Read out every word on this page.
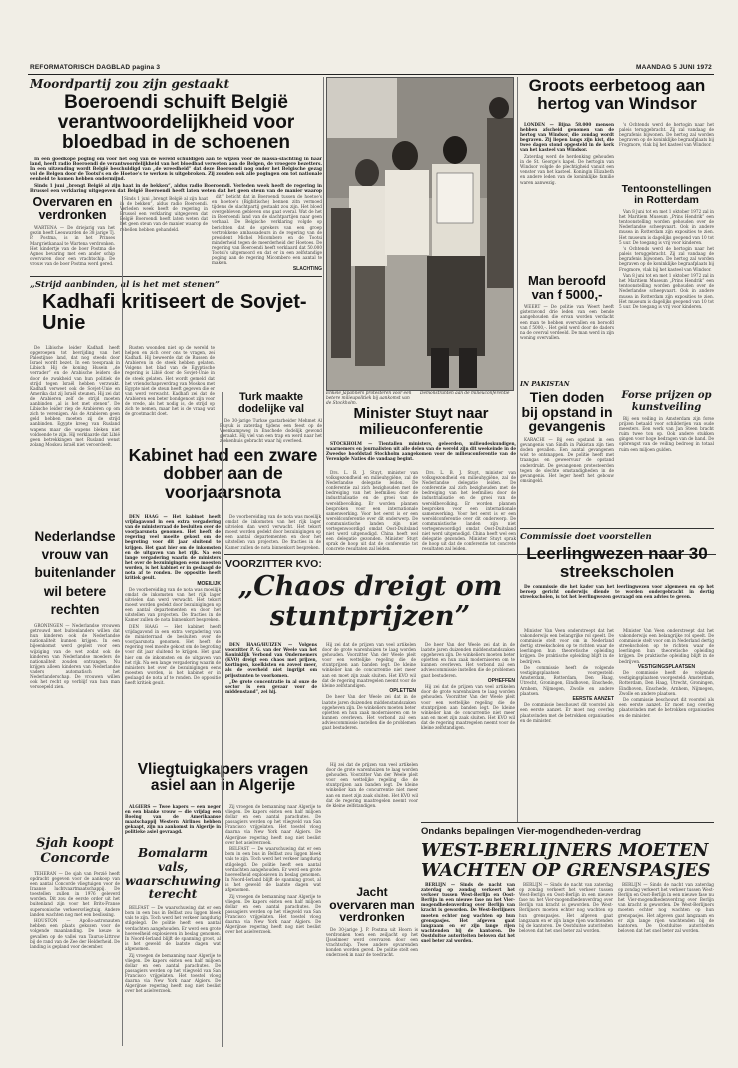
REFORMATORISCH DAGBLAD pagina 3	MAANDAG 5 JUNI 1972
Moordpartij zou zijn gestaakt
Boeroendi schuift België verantwoordelijkheid voor bloedbad in de schoenen

In een goedkope poging om voor het oog van de wereld schuldigen aan te wijzen voor de massa-slachting in haar land, heeft radio Boeroendi de verantwoordelijkheid van het bloedbad verweten aan de Belgen, de vroegere bezetters. In een uitzending wordt België beschuldigd van „de wreedheid” dat deze Boeroendi nog onder het Belgische gezag vol de Belgen door de Tootsi's en de Hoetoe's te werken is uitgebroken. Zij zouden ook alle pogingen om tot nationale eenheid te komen hebben ondermijnd.

Sinds 1 juni „brengt België al zijn haat in de bekken”, aldus radio Boeroendi. Verleden week heeft de regering in Brussel een verklaring uitgegeven dat België Boeroendi heeft laten weten dat het geen steun van de manier waarop

dit” beticht dat in Boeroendi tussen de hoetoe's en hoetoe's (Bigbitische) bennen zitn vermoed tijdens de slachtpartij gestaakt zou zijn. Het bloed overgebleven gebleven ons gaat overal. Wat de het in Boeroendi land van de slachtpartijen naar geen verhaal. De Belgische verklaring volgde op berichten dat de sprekers van een groep vertrokkene ambassadeurs in de regering van de president Michel Micombero en de Tootsi minderheid tegen de meerderheid der Hoetoes. De regering van Boeroendi heeft verklaard dat 50.000 Tootsi's uitgemoord en dat er in een zelfstandige poging aan de regering Micombero een aantal te maken.

SLACHTING
Overvaren en verdronken

WARTENA — De driejarig van het gezin heeft Leeuwarden de 38 jarige Tj. P. Postma, is in het Prinses Margrietkanaal te Wartena verdronken. Het kindertje van de boer Postma die Agnes bevaring met een ander schip overvaren door een vrachtschip. De vrouw van de boer Postma werd gered.

Sinds 1 juni „brengt België al zijn haat in de bekken”, aldus radio Boeroendi. Verleden week heeft de regering in Brussel een verklaring uitgegeven dat België Boeroendi heeft laten weten dat het geen steun van de manier waarop de rebellen hebben gehandeld.

„Strijd aanbinden, al is het met stenen”
Kadhafi kritiseert de Sovjet-Unie

De Libische leider Kadhafi heeft opgeroepen tot bevrijding van het Palestijnse land, dat nog steeds door Israel wordt bezet. In een toespraak in Libisch Hij de koning Husein „de verrader” en de Arabische leiders die door de zwakheid van hun politiek de strijd tegen Israël hebben verzwakt. Kadhafi verweet ook de Sovjet-Unie en Amerika dat zij Israël steunen. Hij zei dat de Arabieren zelf de strijd moeten aanbinden „al is het met stenen”. De Libische leider riep de Arabieren op om zich te verenigen. Als de Arabieren geen geld hebben moeten zij de strijd aanbinden. Egypte kreeg van Rusland wapens maar die wapens bleken niet voldoende te zijn. Hij verklaarde dat Libië geen betrekkingen met Rusland wenst zolang Moskou Israël niet veroordeelt.

Rusten woonden niet op de wereld te helpen en zich over ons te vragen, zei Kadhafi. Hij beweerde dat de Russen de Arabieren in de steek hebben gelaten. Volgens het blad van de Egyptische regering is Libië door de Sovjet-Unie in de steek gelaten. Het wordt gemeld dat het vriendschapsverdrag van Moskou met Egypte niet de steun heeft gegeven die er van werd verwacht. Kadhafi zei dat de Arabieren een beter bondgenoot zijn voor de vrede, als het nodig is, de strijd op zich te nemen, maar het is de vraag wat de grootmacht doet.

Turk maakte dodelijke val

De 30-jarige Turkse gastarbeider Mehmet Al Buyuk is zaterdag tijdens een feest op de Veenkampweg in Enschede dodelijk gewond geraakt. Hij viel van een trap en werd naar het ziekenhuis gebracht waar hij overleed.

Kabinet had een zware dobber aan de voorjaarsnota

DEN HAAG — Het kabinet heeft vrijdagavond in een extra vergadering van de ministerraad de besluiten over de voorjaarsnota genomen. Het heeft de regering veel moeite gekost om de begroting voor dit jaar sluitend te krijgen. Het gaat hier om de inkomsten en de uitgaven van het rijk. Na een lange vergadering waarin de ministers het over de bezuinigingen eens moesten worden, is het kabinet er in geslaagd de nota af te ronden. De oppositie heeft kritiek geuit.

MOEILIJK

De voorbereiding van de nota was moeilijk omdat de inkomsten van het rijk lager uitvielen dan werd verwacht. Het tekort moest worden gedekt door bezuinigingen op een aantal departementen en door het uitstellen van projecten. De fracties in de Kamer zullen de nota binnenkort bespreken.

DEN HAAG — Het kabinet heeft vrijdagavond in een extra vergadering van de ministerraad de besluiten over de voorjaarsnota genomen. Het heeft de regering veel moeite gekost om de begroting voor dit jaar sluitend te krijgen. Het gaat hier om de inkomsten en de uitgaven van het rijk. Na een lange vergadering waarin de ministers het over de bezuinigingen eens moesten worden, is het kabinet er in geslaagd de nota af te ronden. De oppositie heeft kritiek geuit.

De voorbereiding van de nota was moeilijk omdat de inkomsten van het rijk lager uitvielen dan werd verwacht. Het tekort moest worden gedekt door bezuinigingen op een aantal departementen en door het uitstellen van projecten. De fracties in de Kamer zullen de nota binnenkort bespreken.

Nederlandse vrouw van buitenlander wil betere rechten

GRONINGEN — Nederlandse vrouwen getrouwd met buitenlanders willen dat hun kinderen ook de Nederlandse nationaliteit kunnen krijgen. In een bijeenkomst werd gepleit voor een wijziging van de wet zodat ook de kinderen van Nederlandse moeders de nationaliteit zouden ontvangen. Nu krijgen alleen kinderen van Nederlandse vaders automatisch het Nederlanderschap. De vrouwen willen ook het recht op verblijf van hun man versoepeld zien.

Sjah koopt Concorde

TEHERAN — De sjah van Perzië heeft opdracht gegeven voor de aankoop van een aantal Concorde vliegtuigen voor de Iraanse luchtvaartmaatschappij. De toestellen zullen in 1976 geleverd worden. Dit zou de eerste order uit het buitenland zijn voor het Brits-Franse supersonische verkeersvliegtuig. Andere landen wachten nog met een beslissing.

HOUSTON — Apollo-astronauten hebben een plaats gekozen voor de volgende maanlanding. De keuze is gevallen op de vallei van Taurus-Littrow bij de rand van de Zee der Helderheid. De landing is gepland voor december.

Enkele Japanners protesteren voor een betere milieupolitiek bij aankomst van de Stockholm.
Demonstranten aan de milieuconferentie
Minister Stuyt naar milieuconferentie

STOCKHOLM — Tientallen ministers, geleerden, milieudeskundigen, waarnemers en journalisten uit alle delen van de wereld zijn dit weekeinde in de Zweedse hoofdstad Stockholm aangekomen voor de milieuconferentie van de Verenigde Naties die vandaag begint.

Drs. L. B. J. Stuyt, minister van volksgezondheid en milieuhygiëne, zal de Nederlandse delegatie leiden. De conferentie zal zich bezighouden met de bedreiging van het leefmilieu door de industrialisatie en de groei van de wereldbevolking. Er worden plannen besproken voor een internationale samenwerking. Voor het eerst is er een wereldconferentie over dit onderwerp. De communistische landen zijn niet vertegenwoordigd omdat Oost-Duitsland niet werd uitgenodigd. China heeft wel een delegatie gezonden. Minister Stuyt sprak de hoop uit dat de conferentie tot concrete resultaten zal leiden.

Drs. L. B. J. Stuyt, minister van volksgezondheid en milieuhygiëne, zal de Nederlandse delegatie leiden. De conferentie zal zich bezighouden met de bedreiging van het leefmilieu door de industrialisatie en de groei van de wereldbevolking. Er worden plannen besproken voor een internationale samenwerking. Voor het eerst is er een wereldconferentie over dit onderwerp. De communistische landen zijn niet vertegenwoordigd omdat Oost-Duitsland niet werd uitgenodigd. China heeft wel een delegatie gezonden. Minister Stuyt sprak de hoop uit dat de conferentie tot concrete resultaten zal leiden.

VOORZITTER KVO:
„Chaos dreigt om stuntprijzen”

DEN HAAG/HUIZEN — Volgens voorzitter P. G. van der Weele van het Koninklijk Verbond van Ondernemers (KVO) dreigt een chaos met prijzen, kortingen, koelkisten en zoveel meer, als de overheid niet ingrijpt om prijsstunten te voorkomen.

„De grote concentratie in al onze de sector is een gevaar voor de middenstand”, zei hij.

Hij zei dat de prijzen van veel artikelen door de grote warenhuizen te laag worden gehouden. Voorzitter Van der Weele pleit voor een wettelijke regeling die de stuntprijzen aan banden legt. De kleine winkelier kan de concurrentie niet meer aan en moet zijn zaak sluiten. Het KVO wil dat de regering maatregelen neemt voor de kleine zelfstandigen.

OPLETTEN

De heer Van der Weele zei dat in de laatste jaren duizenden middenstandszaken opgeheven zijn. De winkeliers moeten beter opletten en hun zaak moderniseren om te kunnen overleven. Het verbond zal een adviescommissie instellen die de problemen gaat bestuderen.

De heer Van der Weele zei dat in de laatste jaren duizenden middenstandszaken opgeheven zijn. De winkeliers moeten beter opletten en hun zaak moderniseren om te kunnen overleven. Het verbond zal een adviescommissie instellen die de problemen gaat bestuderen.

OPHEFFEN

Hij zei dat de prijzen van veel artikelen door de grote warenhuizen te laag worden gehouden. Voorzitter Van der Weele pleit voor een wettelijke regeling die de stuntprijzen aan banden legt. De kleine winkelier kan de concurrentie niet meer aan en moet zijn zaak sluiten. Het KVO wil dat de regering maatregelen neemt voor de kleine zelfstandigen.

Vliegtuigkapers vragen asiel aan in Algerije

ALGIERS — Twee kapers — een neger en een blanke vrouw — die vrijdag een Boeing van de Amerikaanse maatschappij Western Airlines hebben gekaapt, zijn na aankomst in Algerije in politieke asiel gevraagd.

Zij vroegen de bemanning naar Algerije te vliegen. De kapers eisten een half miljoen dollar en een aantal parachutes. De passagiers werden op het vliegveld van San Francisco vrijgelaten. Het toestel vloog daarna via New York naar Algiers. De Algerijnse regering heeft nog niet beslist over het asielverzoek.

BELFAST — De waarschuwing dat er een bom in een bus in Belfast zou liggen bleek vals te zijn. Toch werd het verkeer langdurig stilgelegd. De politie heeft een aantal verdachten aangehouden. Er werd een grote hoeveelheid explosieven in beslag genomen. In Noord-Ierland blijft de spanning groot, al is het geweld de laatste dagen wat afgenomen.

Zij vroegen de bemanning naar Algerije te vliegen. De kapers eisten een half miljoen dollar en een aantal parachutes. De passagiers werden op het vliegveld van San Francisco vrijgelaten. Het toestel vloog daarna via New York naar Algiers. De Algerijnse regering heeft nog niet beslist over het asielverzoek.

Bomalarm vals, waarschuwing terecht

BELFAST — De waarschuwing dat er een bom in een bus in Belfast zou liggen bleek vals te zijn. Toch werd het verkeer langdurig stilgelegd. De politie heeft een aantal verdachten aangehouden. Er werd een grote hoeveelheid explosieven in beslag genomen. In Noord-Ierland blijft de spanning groot, al is het geweld de laatste dagen wat afgenomen.

Zij vroegen de bemanning naar Algerije te vliegen. De kapers eisten een half miljoen dollar en een aantal parachutes. De passagiers werden op het vliegveld van San Francisco vrijgelaten. Het toestel vloog daarna via New York naar Algiers. De Algerijnse regering heeft nog niet beslist over het asielverzoek.

Hij zei dat de prijzen van veel artikelen door de grote warenhuizen te laag worden gehouden. Voorzitter Van der Weele pleit voor een wettelijke regeling die de stuntprijzen aan banden legt. De kleine winkelier kan de concurrentie niet meer aan en moet zijn zaak sluiten. Het KVO wil dat de regering maatregelen neemt voor de kleine zelfstandigen.

Jacht overvaren man verdronken

De 30-jarige J. P. Postma uit Hoorn is verdronken toen een zeiljacht op het IJsselmeer werd overvaren door een vrachtschip. Twee andere opvarenden konden worden gered. De politie stelt een onderzoek in naar de toedracht.

Groots eerbetoog aan hertog van Windsor

LONDEN — Bijna 58.000 mensen hebben afscheid genomen van de hertog van Windsor, die zondag wordt begraven. Zij liepen langs zijn kist, die twee dagen stond opgesteld in de kerk van het kasteel van Windsor.

Zaterdag werd de herdenking gehouden in de St. George's kapel. De hertogin van Windsor volgde de plechtigheid vanuit een venster van het kasteel. Koningin Elizabeth en andere leden van de koninklijke familie waren aanwezig.

's Ochtends werd de hertogin naar het paleis teruggebracht. Zij zal vandaag de begrafenis bijwonen. De hertog zal worden begraven op de koninklijke begraafplaats bij Frogmore, vlak bij het kasteel van Windsor.

Tentoonstellingen in Rotterdam

Van 8 juni tot en met 1 oktober 1972 zal in het Maritiem Museum „Prins Hendrik” een tentoonstelling worden gehouden over de Nederlandse scheepvaart. Ook in andere musea in Rotterdam zijn exposities te zien. Het museum is dagelijks geopend van 10 tot 5 uur. De toegang is vrij voor kinderen.

's Ochtends werd de hertogin naar het paleis teruggebracht. Zij zal vandaag de begrafenis bijwonen. De hertog zal worden begraven op de koninklijke begraafplaats bij Frogmore, vlak bij het kasteel van Windsor.

Van 8 juni tot en met 1 oktober 1972 zal in het Maritiem Museum „Prins Hendrik” een tentoonstelling worden gehouden over de Nederlandse scheepvaart. Ook in andere musea in Rotterdam zijn exposities te zien. Het museum is dagelijks geopend van 10 tot 5 uur. De toegang is vrij voor kinderen.

Man beroofd van f 5000,-

WEERT — De politie van Weert heeft gisteravond drie leden van een bende aangehouden die ervan worden verdacht een man te hebben overvallen en beroofd van f 5000,-. Het geld werd door de daders na de overval verdeeld. De man werd in zijn woning overvallen.

IN PAKISTAN
Tien doden bij opstand in gevangenis

KARACHI — Bij een opstand in een gevangenis van Sindh in Pakistan zijn tien doden gevallen. Een aantal gevangenen wist te ontsnappen. De politie heeft met traangas en geweervuur de opstand onderdrukt. De gevangenen protesteerden tegen de slechte omstandigheden in de gevangenis. Het leger heeft het gebouw omsingeld.

Forse prijzen op kunstveiling

Bij een veiling in Amsterdam zijn forse prijzen betaald voor schilderijen van oude meesters. Een werk van Jan Steen bracht ruim twee ton op. Ook andere stukken gingen voor hoge bedragen van de hand. De opbrengst van de veiling bedroeg in totaal ruim een miljoen gulden.

Commissie doet voorstellen
Leerlingwezen naar 30 streekscholen

De commissie die het kader van het leerlingwezen voor algemeen en op het beroep gericht onderwijs diende te worden ondergebracht in dertig streekscholen, is tot het leerlingwezen gevraagd om een advies te geven.

Minister Van Veen onderstreept dat het vakonderwijs een belangrijke rol speelt. De commissie stelt voor om in Nederland dertig streekscholen op te richten waar de leerlingen hun theoretische opleiding krijgen. De praktische opleiding blijft in de bedrijven.

De commissie heeft de volgende vestigingsplaatsen voorgesteld: Amsterdam, Rotterdam, Den Haag, Utrecht, Groningen, Eindhoven, Enschede, Arnhem, Nijmegen, Zwolle en andere plaatsen.

EERSTE AANZET

De commissie beschouwt dit voorstel als een eerste aanzet. Er moet nog overleg plaatsvinden met de betrokken organisaties en de minister.

Minister Van Veen onderstreept dat het vakonderwijs een belangrijke rol speelt. De commissie stelt voor om in Nederland dertig streekscholen op te richten waar de leerlingen hun theoretische opleiding krijgen. De praktische opleiding blijft in de bedrijven.

VESTIGINGSPLAATSEN

De commissie heeft de volgende vestigingsplaatsen voorgesteld: Amsterdam, Rotterdam, Den Haag, Utrecht, Groningen, Eindhoven, Enschede, Arnhem, Nijmegen, Zwolle en andere plaatsen.

De commissie beschouwt dit voorstel als een eerste aanzet. Er moet nog overleg plaatsvinden met de betrokken organisaties en de minister.

Ondanks bepalingen Vier-mogendheden-verdrag
WEST-BERLIJNERS MOETEN WACHTEN OP GRENSPASJES

BERLIJN — Sinds de nacht van zaterdag op zondag verkeert het verkeer tussen West-Berlijn en Oost-Berlijn in een nieuwe fase nu het Vier-mogendhedenverdrag over Berlijn van kracht is geworden. De West-Berlijners moeten echter nog wachten op hun grenspasjes. Het afgeven gaat langzaam en er zijn lange rijen wachtenden bij de kantoren. De Oostduitse autoriteiten beloven dat het snel beter zal worden.

BERLIJN — Sinds de nacht van zaterdag op zondag verkeert het verkeer tussen West-Berlijn en Oost-Berlijn in een nieuwe fase nu het Vier-mogendhedenverdrag over Berlijn van kracht is geworden. De West-Berlijners moeten echter nog wachten op hun grenspasjes. Het afgeven gaat langzaam en er zijn lange rijen wachtenden bij de kantoren. De Oostduitse autoriteiten beloven dat het snel beter zal worden.

BERLIJN — Sinds de nacht van zaterdag op zondag verkeert het verkeer tussen West-Berlijn en Oost-Berlijn in een nieuwe fase nu het Vier-mogendhedenverdrag over Berlijn van kracht is geworden. De West-Berlijners moeten echter nog wachten op hun grenspasjes. Het afgeven gaat langzaam en er zijn lange rijen wachtenden bij de kantoren. De Oostduitse autoriteiten beloven dat het snel beter zal worden.
